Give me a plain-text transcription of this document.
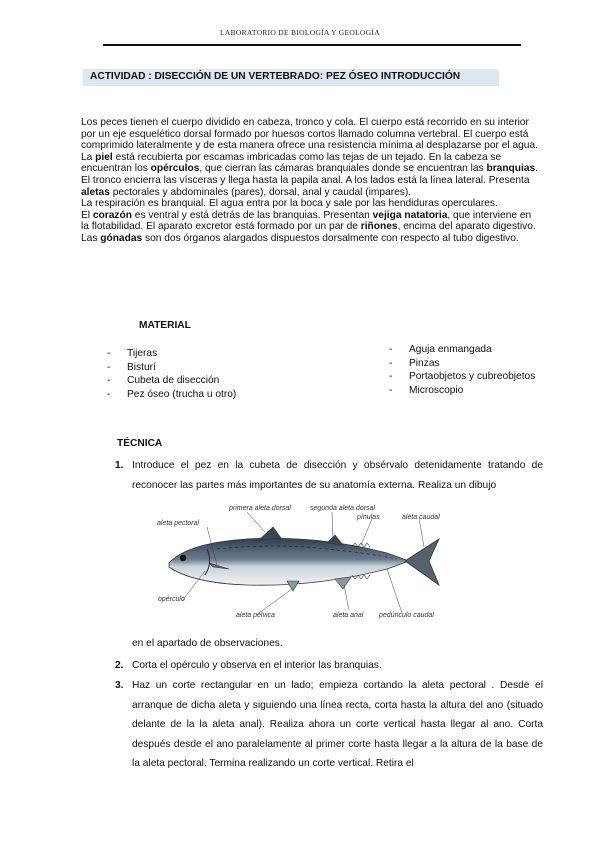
LABORATORIO DE BIOLOGÍA Y GEOLOGÍA
ACTIVIDAD : DISECCIÓN DE UN VERTEBRADO: PEZ ÓSEO INTRODUCCIÓN

Los peces tienen el cuerpo dividido en cabeza, tronco y cola. El cuerpo está recorrido en su interior por un eje esquelético dorsal formado por huesos cortos llamado columna vertebral. El cuerpo está comprimido lateralmente y de esta manera ofrece una resistencia mínima al desplazarse por el agua.

La piel está recubierta por escamas imbricadas como las tejas de un tejado. En la cabeza se encuentran los opérculos, que cierran las cámaras branquiales donde se encuentran las branquias. El tronco encierra las vísceras y llega hasta la papila anal. A los lados está la línea lateral. Presenta aletas pectorales y abdominales (pares), dorsal, anal y caudal (impares).

La respiración es branquial. El agua entra por la boca y sale por las hendiduras operculares.

El corazón es ventral y está detrás de las branquias. Presentan vejiga natatoria, que interviene en la flotabilidad. El aparato excretor está formado por un par de riñones, encima del aparato digestivo. Las gónadas son dos órganos alargados dispuestos dorsalmente con respecto al tubo digestivo.

MATERIAL
- Tijeras
- Bisturí
- Cubeta de disección
- Pez óseo (trucha u otro)
- Aguja enmangada
- Pinzas
- Portaobjetos y cubreobjetos
- Microscopio
TÉCNICA
1. Introduce el pez en la cubeta de disección y obsérvalo detenidamente tratando de reconocer las partes más importantes de su anatomía externa. Realiza un dibujo
primera aleta dorsal	segunda aleta dorsal
pínulas	aleta caudal
aleta pectoral
opérculo
aleta pélvica	aleta anal pedúnculo caudal
en el apartado de observaciones.
2. Corta el opérculo y observa en el interior las branquias.
3. Haz un corte rectangular en un lado; empieza cortando la aleta pectoral . Desde el arranque de dicha aleta y siguiendo una línea recta, corta hasta la altura del ano (situado delante de la la aleta anal). Realiza ahora un corte vertical hasta llegar al ano. Corta después desde el ano paralelamente al primer corte hasta llegar a la altura de la base de la aleta pectoral. Termina realizando un corte vertical. Retira el
